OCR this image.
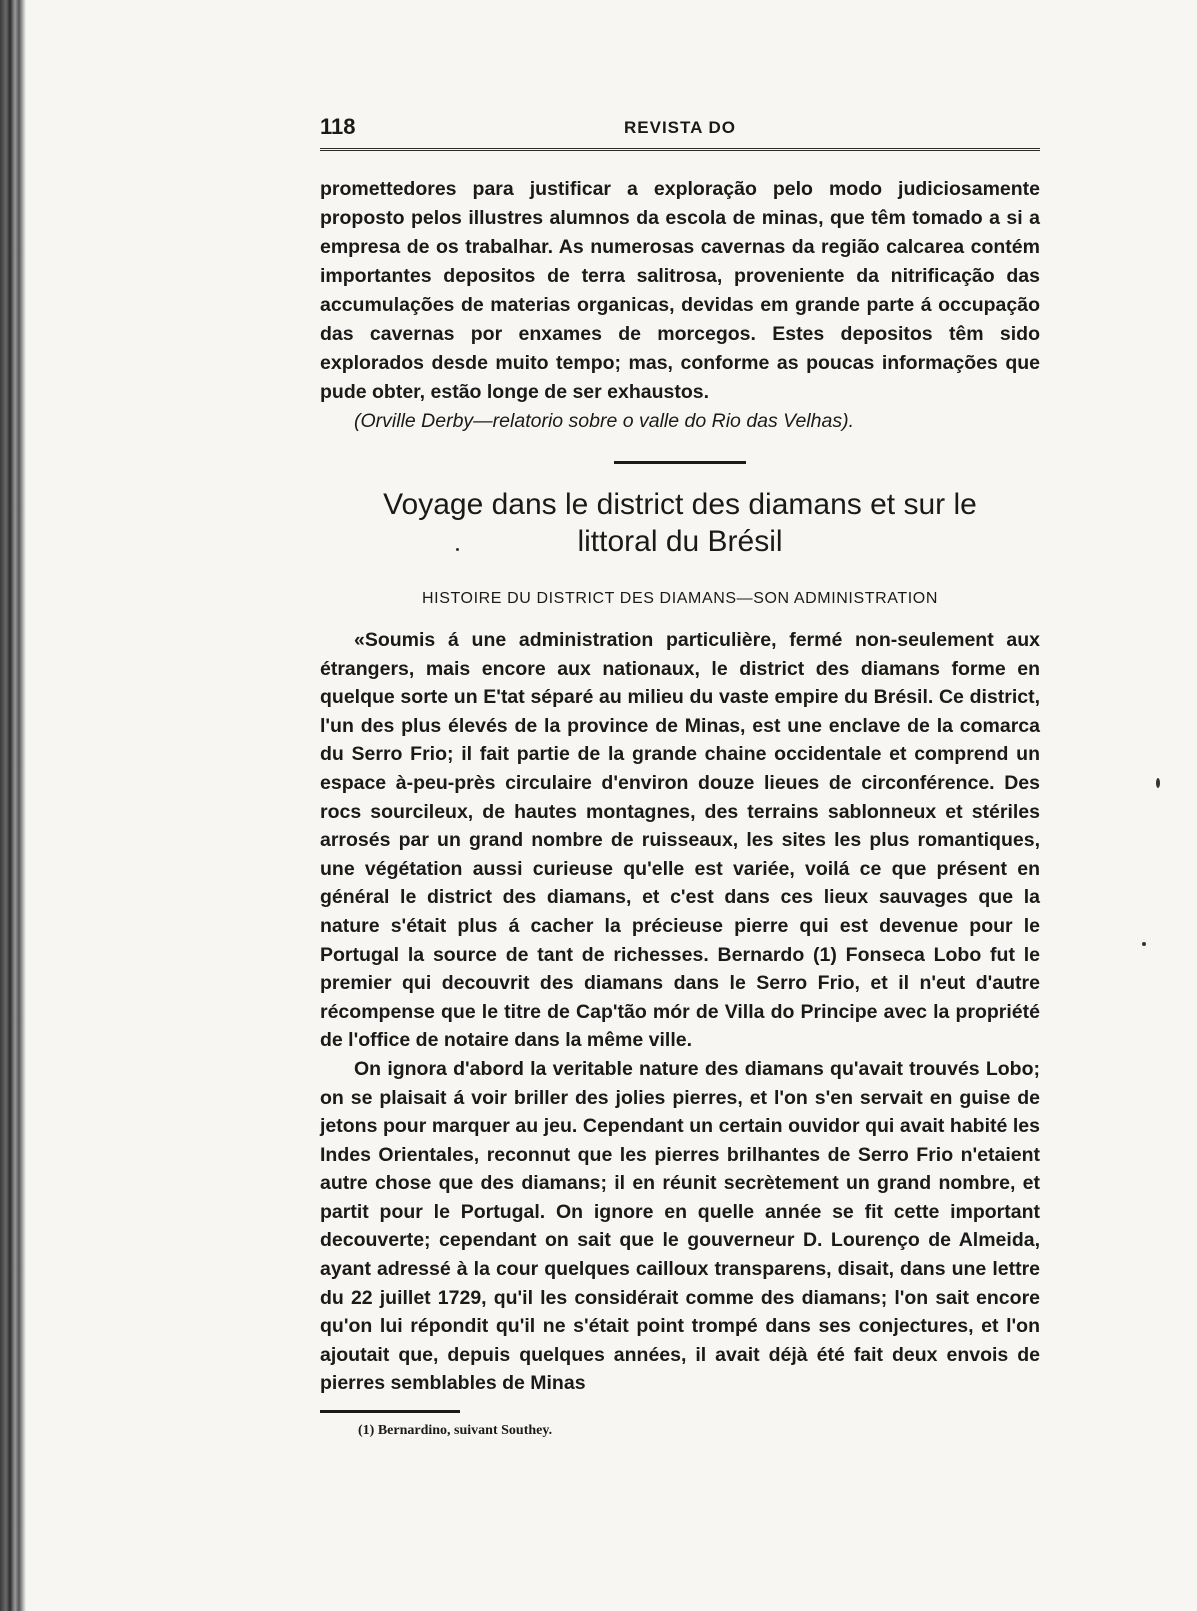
118	REVISTA DO

promettedores para justificar a exploração pelo modo judiciosamente proposto pelos illustres alumnos da escola de minas, que têm tomado a si a empresa de os trabalhar. As numerosas cavernas da região calcarea contém importantes depositos de terra salitrosa, proveniente da nitrificação das accumulações de materias organicas, devidas em grande parte á occupação das cavernas por enxames de morcegos. Estes depositos têm sido explorados desde muito tempo; mas, conforme as poucas informações que pude obter, estão longe de ser exhaustos.

(Orville Derby—relatorio sobre o valle do Rio das Velhas).

Voyage dans le district des diamans et sur le
littoral du Brésil
HISTOIRE DU DISTRICT DES DIAMANS—SON ADMINISTRATION

«Soumis á une administration particulière, fermé non-seulement aux étrangers, mais encore aux nationaux, le district des diamans forme en quelque sorte un E'tat séparé au milieu du vaste empire du Brésil. Ce district, l'un des plus élevés de la province de Minas, est une enclave de la comarca du Serro Frio; il fait partie de la grande chaine occidentale et comprend un espace à-peu-près circulaire d'environ douze lieues de circonférence. Des rocs sourcileux, de hautes montagnes, des terrains sablonneux et stériles arrosés par un grand nombre de ruisseaux, les sites les plus romantiques, une végétation aussi curieuse qu'elle est variée, voilá ce que présent en général le district des diamans, et c'est dans ces lieux sauvages que la nature s'était plus á cacher la précieuse pierre qui est devenue pour le Portugal la source de tant de richesses. Bernardo (1) Fonseca Lobo fut le premier qui decouvrit des diamans dans le Serro Frio, et il n'eut d'autre récompense que le titre de Cap'tão mór de Villa do Principe avec la propriété de l'office de notaire dans la même ville.

On ignora d'abord la veritable nature des diamans qu'avait trouvés Lobo; on se plaisait á voir briller des jolies pierres, et l'on s'en servait en guise de jetons pour marquer au jeu. Cependant un certain ouvidor qui avait habité les Indes Orientales, reconnut que les pierres brilhantes de Serro Frio n'etaient autre chose que des diamans; il en réunit secrètement un grand nombre, et partit pour le Portugal. On ignore en quelle année se fit cette important decouverte; cependant on sait que le gouverneur D. Lourenço de Almeida, ayant adressé à la cour quelques cailloux transparens, disait, dans une lettre du 22 juillet 1729, qu'il les considérait comme des diamans; l'on sait encore qu'on lui répondit qu'il ne s'était point trompé dans ses conjectures, et l'on ajoutait que, depuis quelques années, il avait déjà été fait deux envois de pierres semblables de Minas

(1) Bernardino, suivant Southey.
